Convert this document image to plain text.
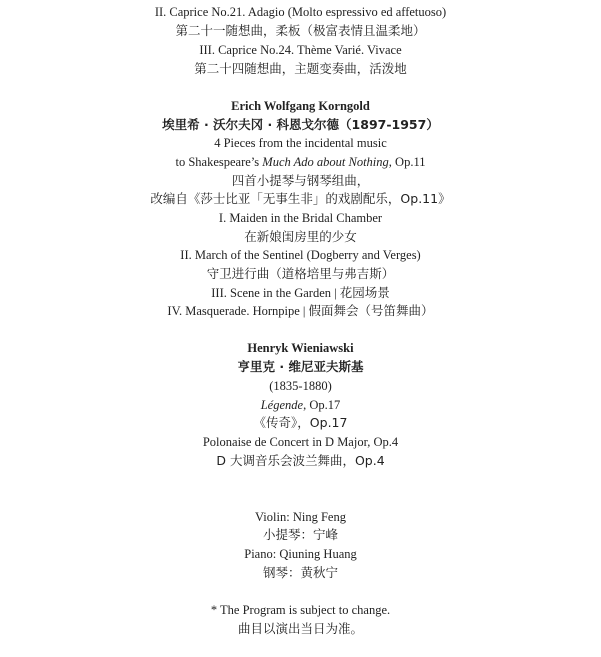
II. Caprice No.21. Adagio (Molto espressivo ed affetuoso)
第二十一随想曲，柔板（极富表情且温柔地）
III. Caprice No.24. Thème Varié. Vivace
第二十四随想曲，主题变奏曲，活泼地
Erich Wolfgang Korngold
埃里希 · 沃尔夫冈 · 科恩戈尔德（1897-1957）
4 Pieces from the incidental music
to Shakespeare’s Much Ado about Nothing, Op.11
四首小提琴与钢琴组曲，
改编自《莎士比亚「无事生非」的戏剧配乐，Op.11》
I. Maiden in the Bridal Chamber
在新娘闺房里的少女
II. March of the Sentinel (Dogberry and Verges)
守卫进行曲（道格培里与弗吉斯）
III. Scene in the Garden | 花园场景
IV. Masquerade. Hornpipe | 假面舞会（号笛舞曲）
Henryk Wieniawski
亨里克 · 维尼亚夫斯基
(1835-1880)
Légende, Op.17
《传奇》，Op.17
Polonaise de Concert in D Major, Op.4
D 大调音乐会波兰舞曲，Op.4
Violin: Ning Feng
小提琴：宁峰
Piano: Qiuning Huang
钢琴：黄秋宁
* The Program is subject to change.
曲目以演出当日为准。
